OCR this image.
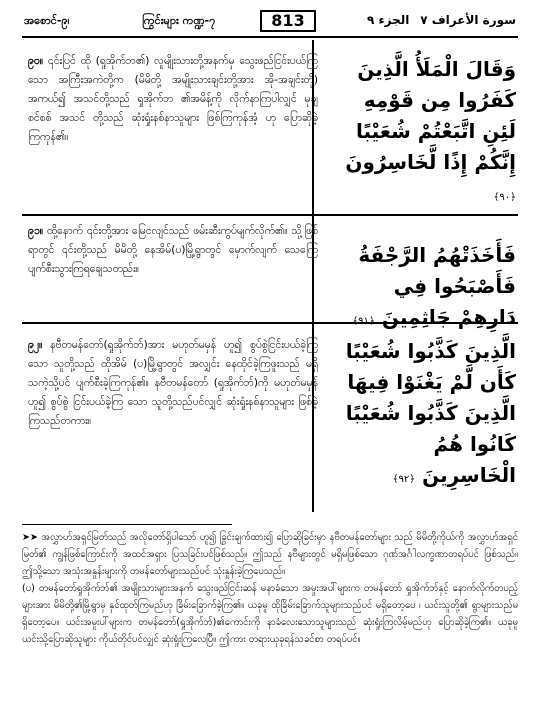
အစောင်-၉၊	ကြွင်းများ ကဏ္ဍ-၇	813	الجزء ٩ سورة الأعراف ٧
၉၀။ ၎င်းပြင် ထို (ရှုအိုက်ဘ၏) လူမျိုးသားတို့အနက်မှ သွေးဖည်ငြင်းပယ်ကြသော အကြီးအကဲတို့က (မိမိတို့ အမျိုးသားချင်းတို့အား အို-အချင်းတို့) အကယ်၍ အသင်တို့သည် ရှုအိုက်ဘ ၏အမိန့်ကို လိုက်နာကြပါလျှင် မုချစင်စစ် အသင် တို့သည် ဆုံးရှုံးနစ်နာသူများ ဖြစ်ကြကုန်အံ့ ဟု ပြောဆိုခဲ့ကြကုန်၏။
وَقَالَ الْمَلَأُ الَّذِينَ كَفَرُوا مِن قَوْمِهِ لَئِنِ اتَّبَعْتُمْ شُعَيْبًا إِنَّكُمْ إِذًا لَّخَاسِرُونَ ﴿٩٠﴾
၉၁။ ထို့နောက် ၎င်းတို့အား မြေငလျင်သည် ဖမ်းဆီးကွပ်မျက်လိုက်၏။ သို့ဖြစ်ရာတွင် ၎င်းတို့သည် မိမိတို့ နေအိမ်(ပ)မြို့ရွာတွင် မှောက်လျက် သေကြေ ပျက်စီးသွားကြရချေသတည်း။
فَأَخَذَتْهُمُ الرَّجْفَةُ فَأَصْبَحُوا فِي دَارِهِمْ جَاثِمِينَ ﴿٩١﴾
၉၂။ နဗီတမန်တော်(ရှုအိုက်ဘ်)အား မဟုတ်မမှန် ဟူ၍ စွပ်စွဲငြင်းပယ်ခဲ့ကြသော သူတို့သည် ထိုအိမ် (ပ)မြို့ရွာတွင် အလျှင်း နေထိုင်ခဲ့ကြဖူးသည် မရှိ သကဲ့သို့ပင် ပျက်စီးခဲ့ကြကုန်၏။ နဗီတမန်တော် (ရှုအိုက်ဘ်)ကို မဟုတ်မမှန်ဟူ၍ စွပ်စွဲ ငြင်းပယ်ခဲ့ကြ သော သူတို့သည်ပင်လျှင် ဆုံးရှုံးနစ်နာသူများ ဖြစ်ခဲ့ ကြသည်တကား။
الَّذِينَ كَذَّبُوا شُعَيْبًا كَأَن لَّمْ يَغْنَوْا فِيهَا الَّذِينَ كَذَّبُوا شُعَيْبًا كَانُوا هُمُ الْخَاسِرِينَ ﴿٩٢﴾

➤➤ အလွှာဟ်အရှင်မြတ်သည် အလိုတော်ရှိပါသော် ဟူ၍ ခြွင်းချက်ထား၍ ပြောဆိုခြင်းမှာ နဗီတမန်တော်များ သည် မိမိတို့ကိုယ်ကို အလွှာဟ်အရှင်မြတ်၏ ကျွန်ဖြစ်ကြောင်းကို အထင်အရှား ပြသခြင်းပင်ဖြစ်သည်။ ဤသည် နဗီများတွင် မရှိမဖြစ်သော ဂုဏ်အင်္ဂါလက္ခဏာတရပ်ပင် ဖြစ်သည်။ ဤသို့သော အသုံးအနှုန်းများကို တမန်တော်များသည်ပင် သုံးနှုန်းခဲ့ကြပေသည်။

(ပ) တမန်တော်ရှုအိုက်ဘ်၏ အမျိုးသားများအနက် သွေးဖည်ငြင်းဆန် မနာခံသော အမှုးအပါ်များက တမန်တော် ရှုအိုက်ဘ်နှင့် နောက်လိုက်တပည့်များအား မိမိတို့၏မြို့ရွာမှ နှင်ထုတ်ကြမည်ဟု ခြိမ်းခြောက်ခဲ့ကြ၏။ ယခုမူ ထိုခြိမ်းခြောက်သူများသည်ပင် မရှိတော့ပေ ၊ ယင်းသူတို့၏ ရွာများသည်မရှိတော့ပေ။ ယင်းအမှုးပါ်များက တမန်တော်(ရှုအိုက်ဘ်)၏ကောင်းကို နာခံလေးသောသူများသည် ဆုံးရှုံးကြလိမ့်မည်ဟု ပြောဆိုခဲ့ကြ၏။ ယခုမူ ယင်းသို့ပြောဆိုသူများ ကိုယ်တိုင်ပင်လျှင် ဆုံးရှုံးကြလေပြီ။ ဤကား တရားယုခုရန်သခင်စာ တရပ်ပင်။
